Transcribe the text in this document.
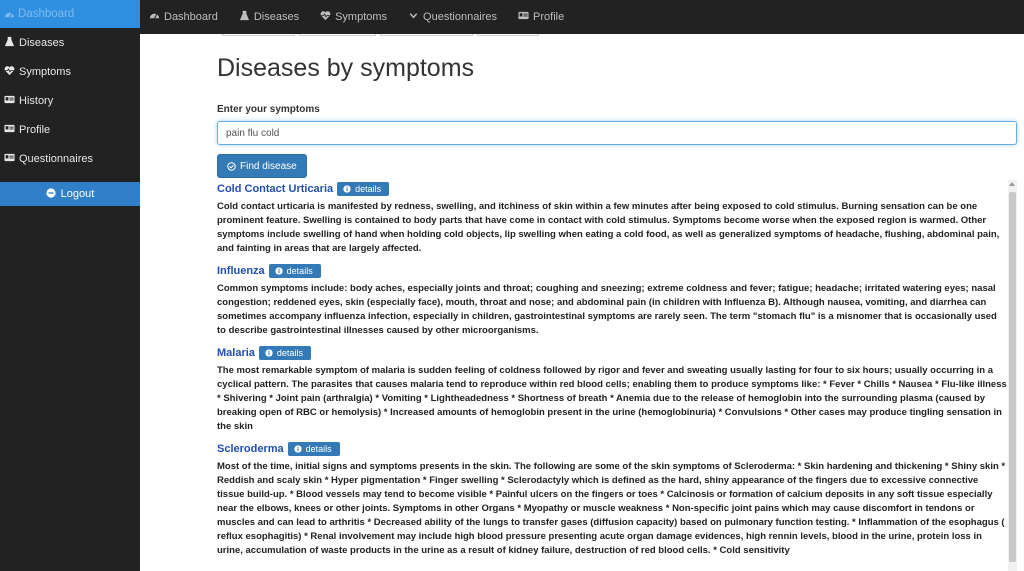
Dashboard	Dashboard	Diseases	Symptoms	Questionnaires	Profile
Diseases
Symptoms
History
Profile
Questionnaires
Logout
Diseases by symptoms
Enter your symptoms
pain flu cold
Find disease
Cold Contact Urticaria details

Cold contact urticaria is manifested by redness, swelling, and itchiness of skin within a few minutes after being exposed to cold stimulus. Burning sensation can be one prominent feature. Swelling is contained to body parts that have come in contact with cold stimulus. Symptoms become worse when the exposed region is warmed. Other symptoms include swelling of hand when holding cold objects, lip swelling when eating a cold food, as well as generalized symptoms of headache, flushing, abdominal pain, and fainting in areas that are largely affected.

Influenza details

Common symptoms include: body aches, especially joints and throat; coughing and sneezing; extreme coldness and fever; fatigue; headache; irritated watering eyes; nasal congestion; reddened eyes, skin (especially face), mouth, throat and nose; and abdominal pain (in children with Influenza B). Although nausea, vomiting, and diarrhea can sometimes accompany influenza infection, especially in children, gastrointestinal symptoms are rarely seen. The term "stomach flu" is a misnomer that is occasionally used to describe gastrointestinal illnesses caused by other microorganisms.

Malaria details

The most remarkable symptom of malaria is sudden feeling of coldness followed by rigor and fever and sweating usually lasting for four to six hours; usually occurring in a cyclical pattern. The parasites that causes malaria tend to reproduce within red blood cells; enabling them to produce symptoms like: * Fever * Chills * Nausea * Flu-like illness * Shivering * Joint pain (arthralgia) * Vomiting * Lightheadedness * Shortness of breath * Anemia due to the release of hemoglobin into the surrounding plasma (caused by breaking open of RBC or hemolysis) * Increased amounts of hemoglobin present in the urine (hemoglobinuria) * Convulsions * Other cases may produce tingling sensation in the skin

Scleroderma details

Most of the time, initial signs and symptoms presents in the skin. The following are some of the skin symptoms of Scleroderma: * Skin hardening and thickening * Shiny skin * Reddish and scaly skin * Hyper pigmentation * Finger swelling * Sclerodactyly which is defined as the hard, shiny appearance of the fingers due to excessive connective tissue build-up. * Blood vessels may tend to become visible * Painful ulcers on the fingers or toes * Calcinosis or formation of calcium deposits in any soft tissue especially near the elbows, knees or other joints. Symptoms in other Organs * Myopathy or muscle weakness * Non-specific joint pains which may cause discomfort in tendons or muscles and can lead to arthritis * Decreased ability of the lungs to transfer gases (diffusion capacity) based on pulmonary function testing. * Inflammation of the esophagus ( reflux esophagitis) * Renal involvement may include high blood pressure presenting acute organ damage evidences, high rennin levels, blood in the urine, protein loss in urine, accumulation of waste products in the urine as a result of kidney failure, destruction of red blood cells. * Cold sensitivity
